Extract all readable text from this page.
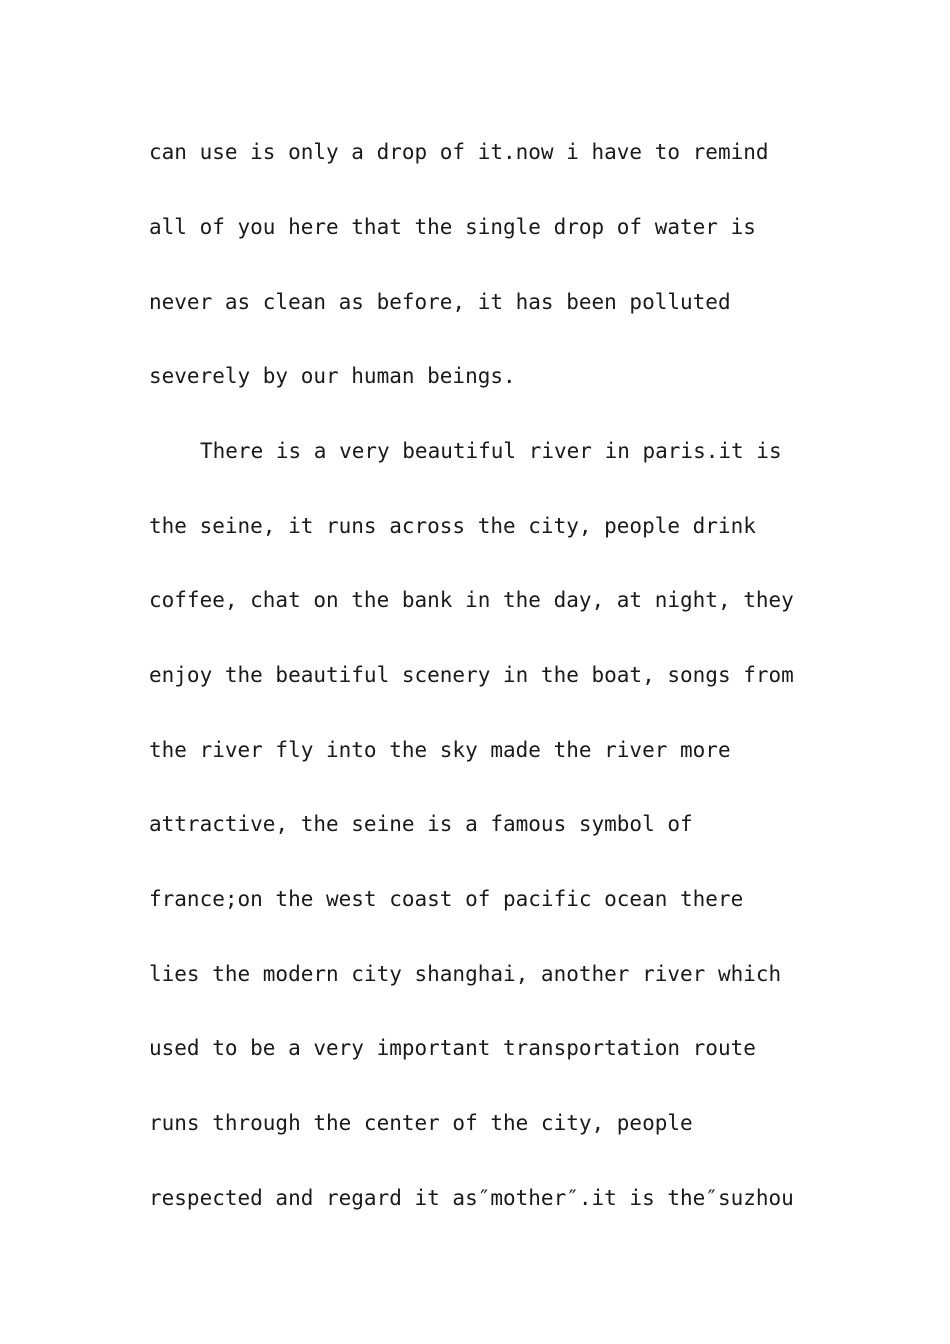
can use is only a drop of it.now i have to remind
all of you here that the single drop of water is
never as clean as before, it has been polluted
severely by our human beings.
There is a very beautiful river in paris.it is
the seine, it runs across the city, people drink
coffee, chat on the bank in the day, at night, they
enjoy the beautiful scenery in the boat, songs from
the river fly into the sky made the river more
attractive, the seine is a famous symbol of
france;on the west coast of pacific ocean there
lies the modern city shanghai, another river which
used to be a very important transportation route
runs through the center of the city, people
respected and regard it as″mother″.it is the″suzhou
